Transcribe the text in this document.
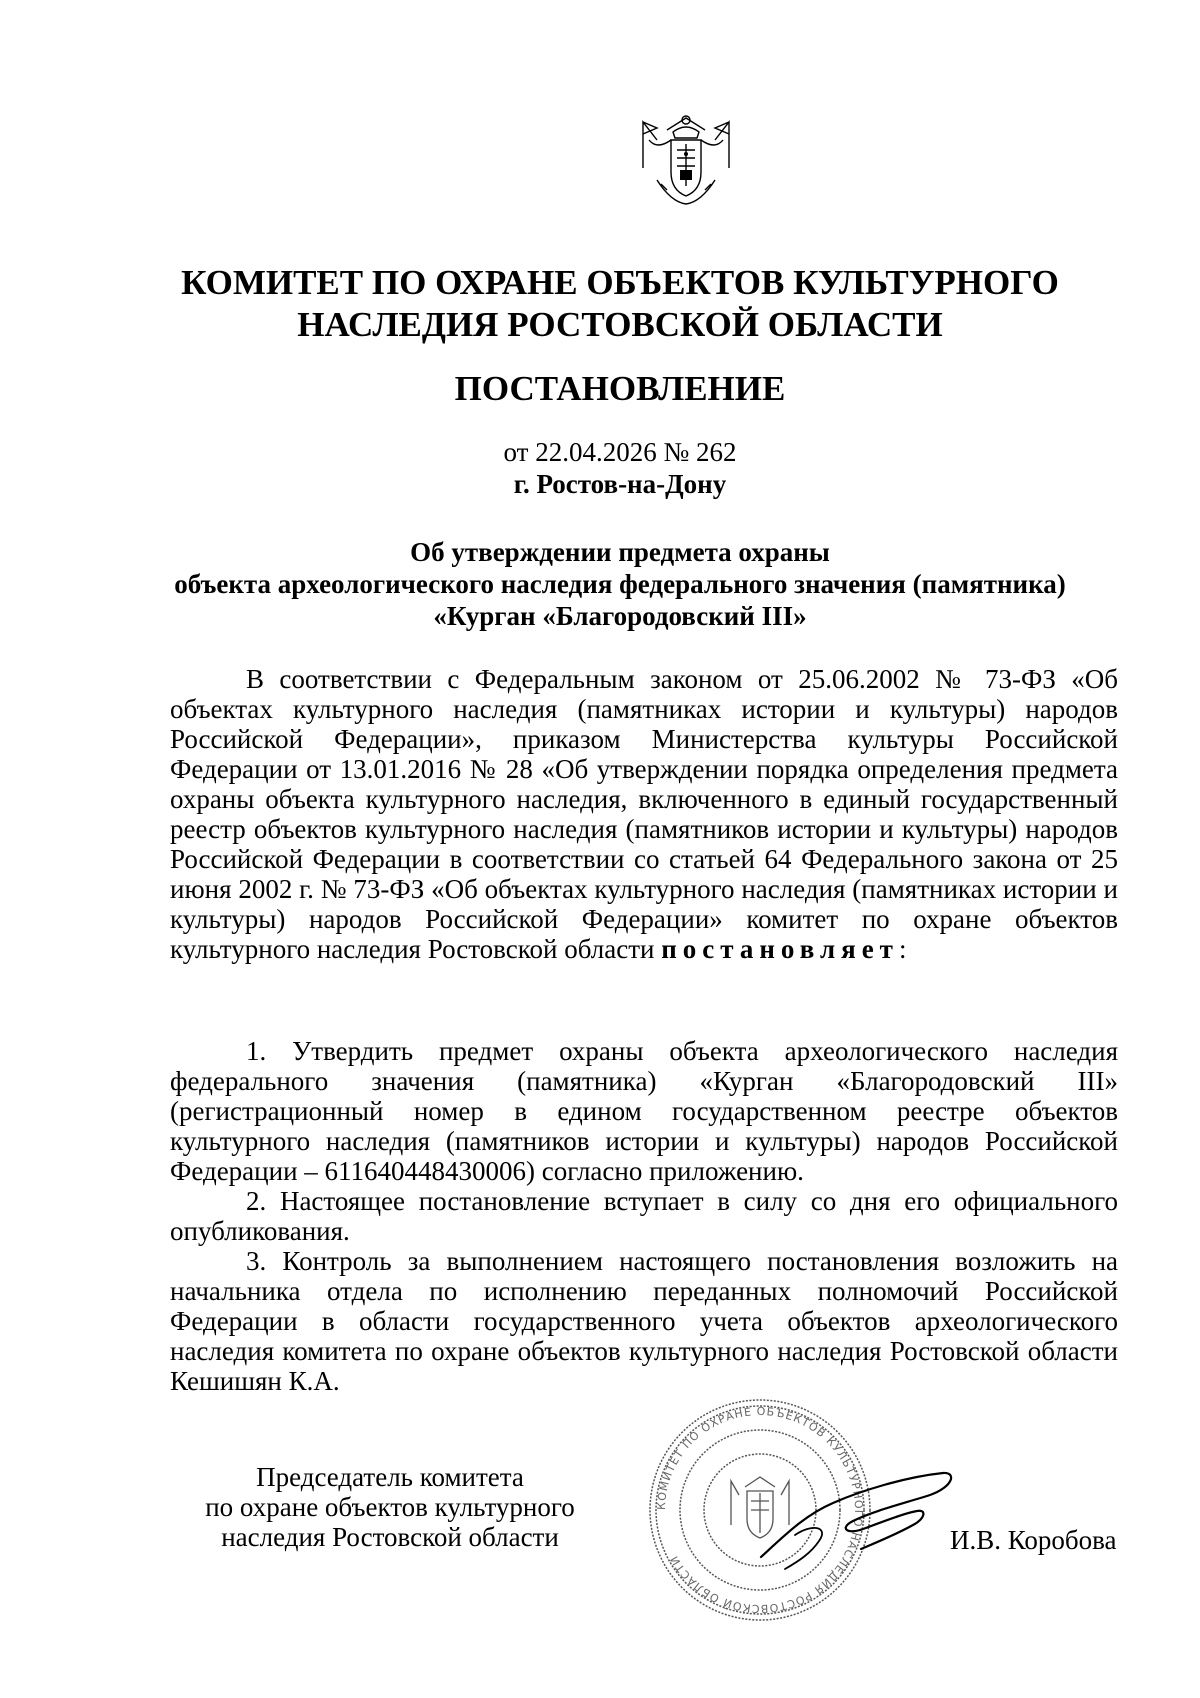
КОМИТЕТ ПО ОХРАНЕ ОБЪЕКТОВ КУЛЬТУРНОГО
НАСЛЕДИЯ РОСТОВСКОЙ ОБЛАСТИ
ПОСТАНОВЛЕНИЕ
от 22.04.2026 № 262
г. Ростов-на-Дону
Об утверждении предмета охраны
объекта археологического наследия федерального значения (памятника)
«Курган «Благородовский III»

В соответствии с Федеральным законом от 25.06.2002 № 73-ФЗ «Об объектах культурного наследия (памятниках истории и культуры) народов Российской Федерации», приказом Министерства культуры Российской Федерации от 13.01.2016 № 28 «Об утверждении порядка определения предмета охраны объекта культурного наследия, включенного в единый государственный реестр объектов культурного наследия (памятников истории и культуры) народов Российской Федерации в соответствии со статьей 64 Федерального закона от 25 июня 2002 г. № 73-ФЗ «Об объектах культурного наследия (памятниках истории и культуры) народов Российской Федерации» комитет по охране объектов культурного наследия Ростовской области постановляет:

1. Утвердить предмет охраны объекта археологического наследия федерального значения (памятника) «Курган «Благородовский III» (регистрационный номер в едином государственном реестре объектов культурного наследия (памятников истории и культуры) народов Российской Федерации – 611640448430006) согласно приложению.

2. Настоящее постановление вступает в силу со дня его официального опубликования.

3. Контроль за выполнением настоящего постановления возложить на начальника отдела по исполнению переданных полномочий Российской Федерации в области государственного учета объектов археологического наследия комитета по охране объектов культурного наследия Ростовской области Кешишян К.А.

Председатель комитета
по охране объектов культурного
наследия Ростовской области
КОМИТЕТ ПО ОХРАНЕ ОБЪЕКТОВ КУЛЬТУРНОГО НАСЛЕДИЯ РОСТОВСКОЙ ОБЛАСТИ
И.В. Коробова
